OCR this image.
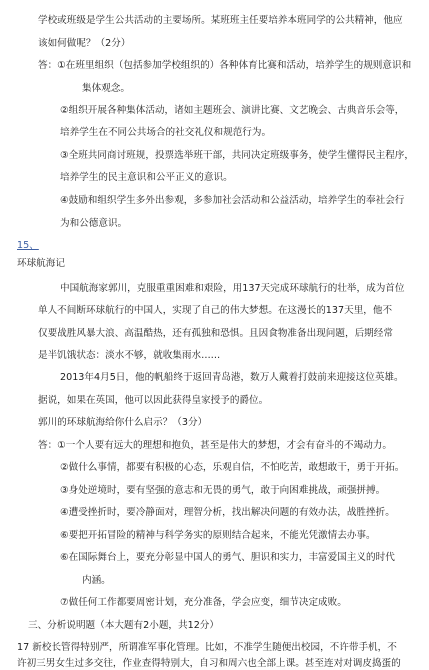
学校或班级是学生公共活动的主要场所。某班班主任要培养本班同学的公共精神，他应
该如何做呢？（2分）
答：①在班里组织（包括参加学校组织的）各种体育比赛和活动，培养学生的规则意识和
集体观念。
②组织开展各种集体活动，诸如主题班会、演讲比赛、文艺晚会、古典音乐会等，
培养学生在不同公共场合的社交礼仪和规范行为。
③全班共同商讨班规，投票选举班干部，共同决定班级事务，使学生懂得民主程序，
培养学生的民主意识和公平正义的意识。
④鼓励和组织学生多外出参观，多参加社会活动和公益活动，培养学生的奉社会行
为和公德意识。
15、
环球航海记
中国航海家郭川，克服重重困难和艰险，用137天完成环球航行的壮举，成为首位
单人不间断环球航行的中国人，实现了自己的伟大梦想。在这漫长的137天里，他不
仅要战胜风暴大浪、高温酷热，还有孤独和恐惧。且因食物准备出现问题，后期经常
是半饥饿状态：淡水不够，就收集雨水……
2013年4月5日，他的帆船终于返回青岛港，数万人戴着打鼓前来迎接这位英雄。
据说，如果在英国，他可以因此获得皇家授予的爵位。
郭川的环球航海给你什么启示？（3分）
答：①一个人要有远大的理想和抱负，甚至是伟大的梦想，才会有奋斗的不竭动力。
②做什么事情，都要有积极的心态，乐观自信，不怕吃苦，敢想敢干，勇于开拓。
③身处逆境时，要有坚强的意志和无畏的勇气，敢于向困难挑战，顽强拼搏。
④遭受挫折时，要冷静面对，理智分析，找出解决问题的有效办法，战胜挫折。
⑥要把开拓冒险的精神与科学务实的原则结合起来，不能光凭激情去办事。
⑥在国际舞台上，要充分彰显中国人的勇气、胆识和实力，丰富爱国主义的时代
内涵。
⑦做任何工作都要周密计划，充分准备，学会应变，细节决定成败。
三、分析说明题（本大题有2小题，共12分）
17 新校长管得特别严，所谓准军事化管理。比如，不准学生随便出校园，不许带手机，不
许初三男女生过多交往，作业查得特别大，自习和周六也全部上课。甚至连对对调皮捣蛋的
